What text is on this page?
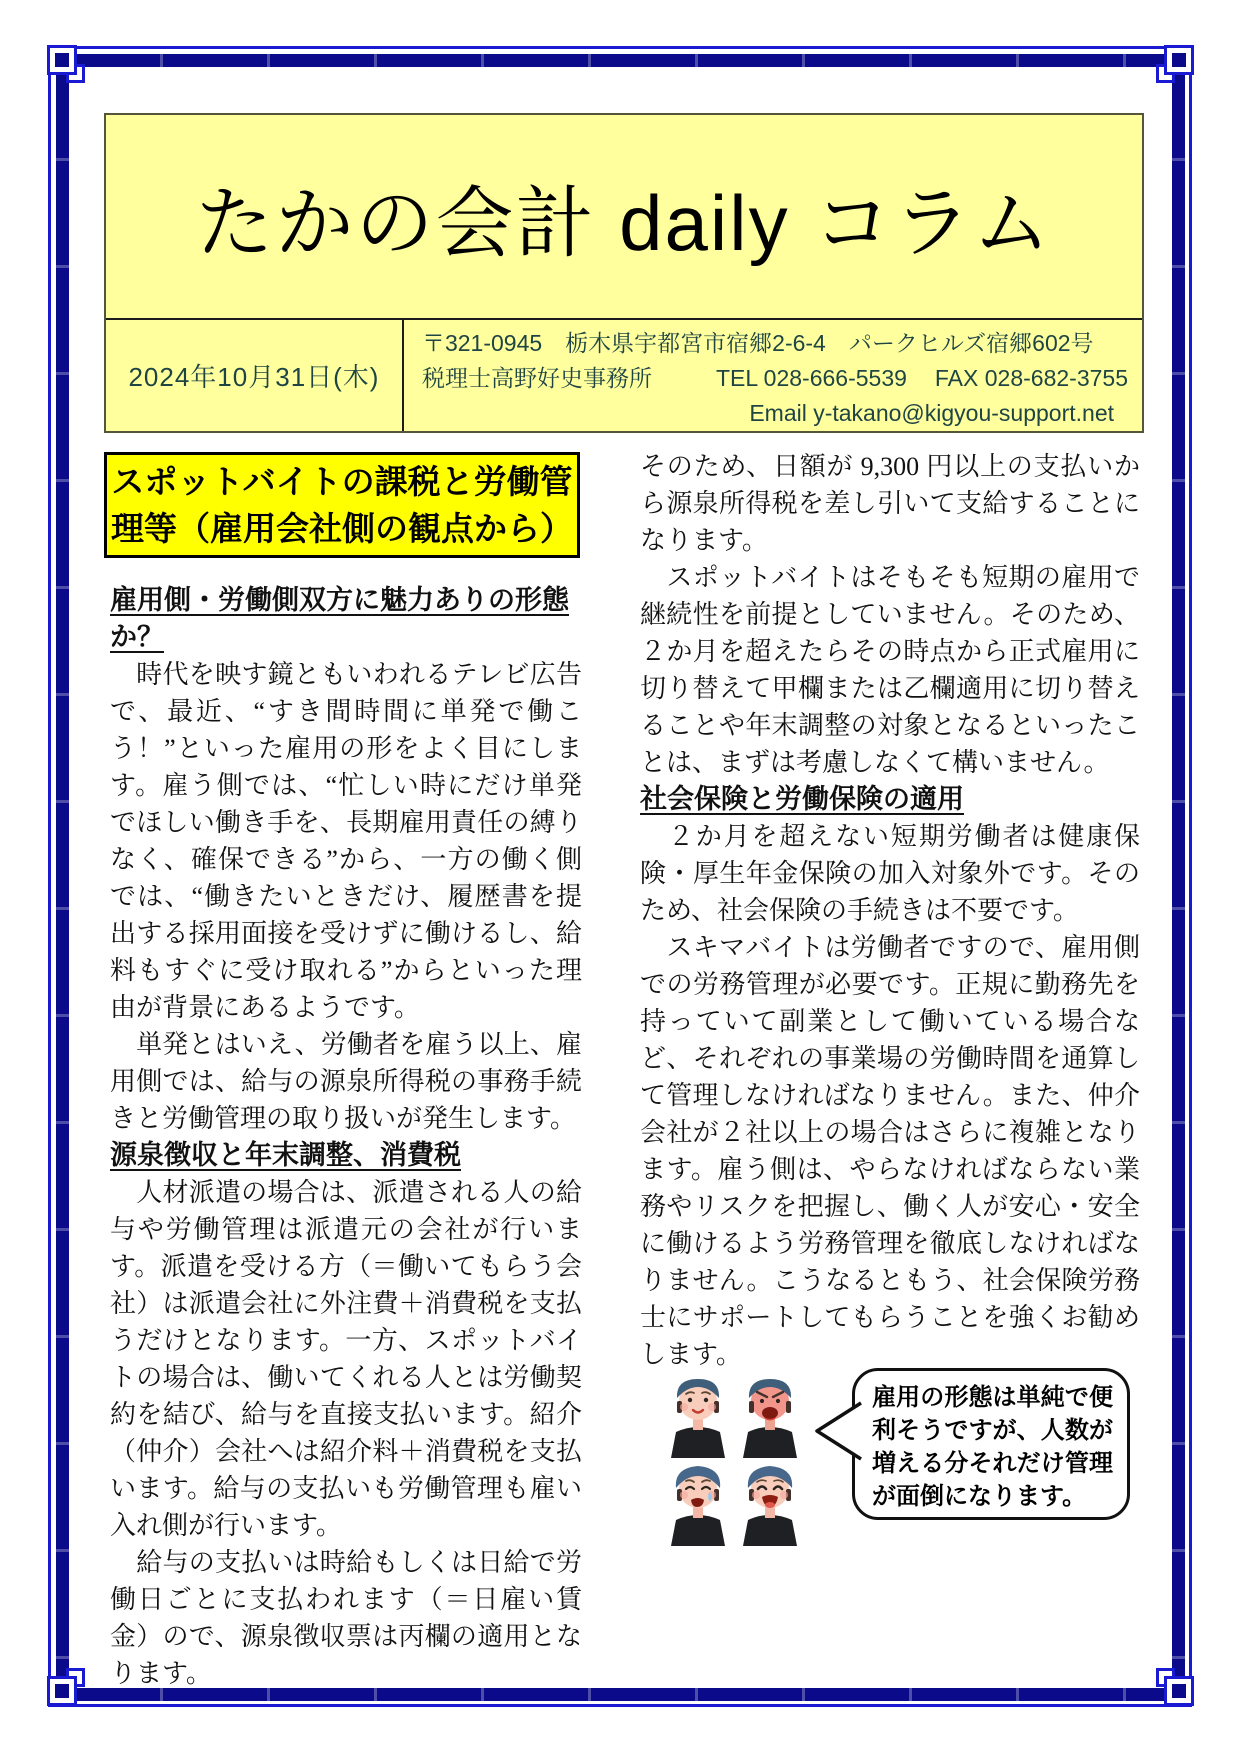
たかの会計 daily コラム
2024年10月31日(木)
〒321-0945　栃木県宇都宮市宿郷2-6-4　パークヒルズ宿郷602号
税理士高野好史事務所	TEL 028-666-5539 FAX 028-682-3755
Email y-takano@kigyou-support.net
スポットバイトの課税と労働管
理等（雇用会社側の観点から）
雇用側・労働側双方に魅力ありの形態か？

　時代を映す鏡ともいわれるテレビ広告で、最近、“すき間時間に単発で働こう！”といった雇用の形をよく目にします。雇う側では、“忙しい時にだけ単発でほしい働き手を、長期雇用責任の縛りなく、確保できる”から、一方の働く側では、“働きたいときだけ、履歴書を提出する採用面接を受けずに働けるし、給料もすぐに受け取れる”からといった理由が背景にあるようです。

　単発とはいえ、労働者を雇う以上、雇用側では、給与の源泉所得税の事務手続きと労働管理の取り扱いが発生します。

源泉徴収と年末調整、消費税

　人材派遣の場合は、派遣される人の給与や労働管理は派遣元の会社が行います。派遣を受ける方（＝働いてもらう会社）は派遣会社に外注費＋消費税を支払うだけとなります。一方、スポットバイトの場合は、働いてくれる人とは労働契約を結び、給与を直接支払います。紹介（仲介）会社へは紹介料＋消費税を支払います。給与の支払いも労働管理も雇い入れ側が行います。

　給与の支払いは時給もしくは日給で労働日ごとに支払われます（＝日雇い賃金）ので、源泉徴収票は丙欄の適用となります。

そのため、日額が 9,300 円以上の支払いから源泉所得税を差し引いて支給することになります。

　スポットバイトはそもそも短期の雇用で継続性を前提としていません。そのため、２か月を超えたらその時点から正式雇用に切り替えて甲欄または乙欄適用に切り替えることや年末調整の対象となるといったことは、まずは考慮しなくて構いません。

社会保険と労働保険の適用

　２か月を超えない短期労働者は健康保険・厚生年金保険の加入対象外です。そのため、社会保険の手続きは不要です。

　スキマバイトは労働者ですので、雇用側での労務管理が必要です。正規に勤務先を持っていて副業として働いている場合など、それぞれの事業場の労働時間を通算して管理しなければなりません。また、仲介会社が２社以上の場合はさらに複雑となります。雇う側は、やらなければならない業務やリスクを把握し、働く人が安心・安全に働けるよう労務管理を徹底しなければなりません。こうなるともう、社会保険労務士にサポートしてもらうことを強くお勧めします。

雇用の形態は単純で便利そうですが、人数が増える分それだけ管理が面倒になります。
